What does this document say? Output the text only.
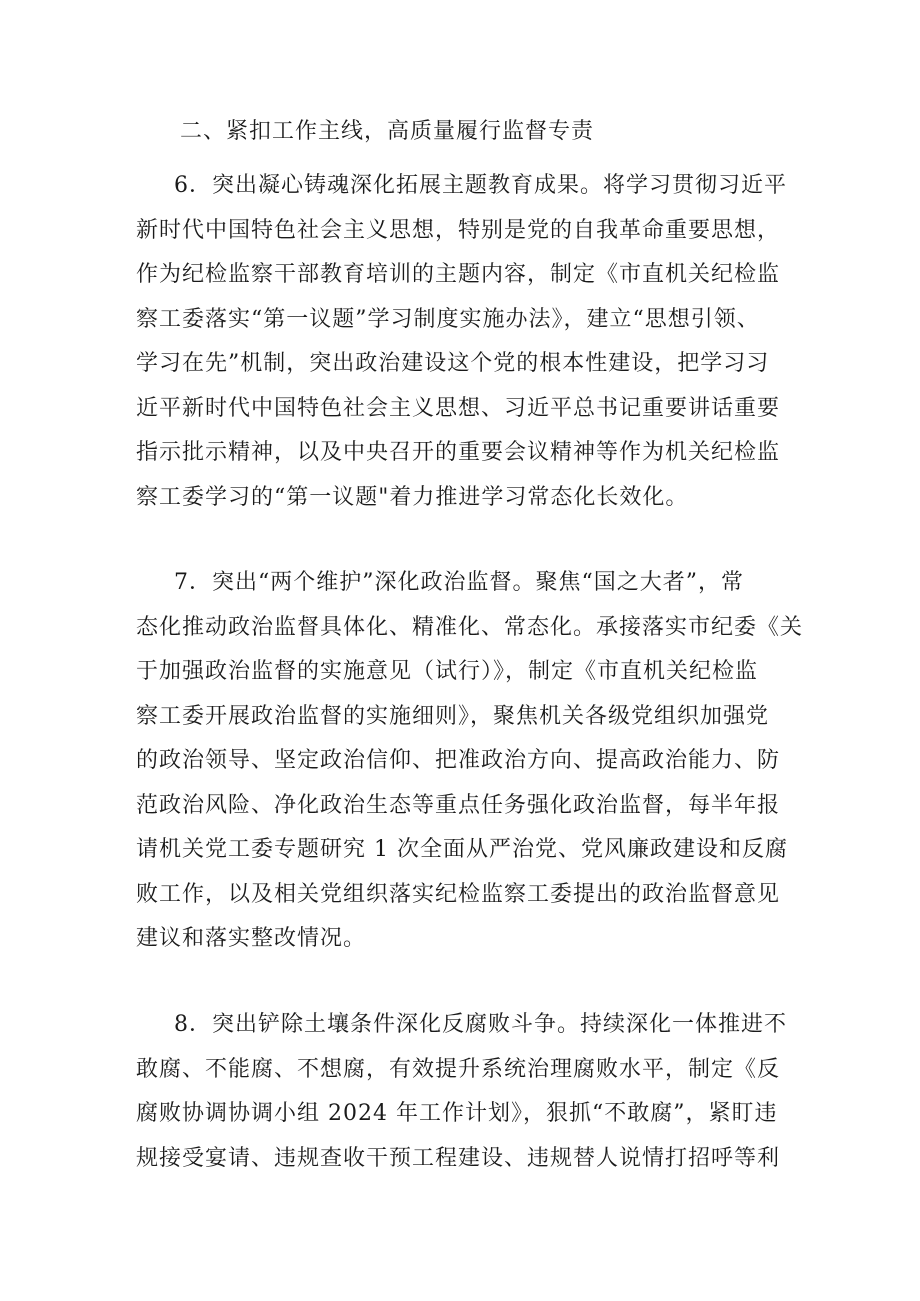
二、紧扣工作主线，高质量履行监督专责
6．突出凝心铸魂深化拓展主题教育成果。将学习贯彻习近平
新时代中国特色社会主义思想，特别是党的自我革命重要思想，
作为纪检监察干部教育培训的主题内容，制定《市直机关纪检监
察工委落实“第一议题”学习制度实施办法》，建立“思想引领、
学习在先”机制，突出政治建设这个党的根本性建设，把学习习
近平新时代中国特色社会主义思想、习近平总书记重要讲话重要
指示批示精神，以及中央召开的重要会议精神等作为机关纪检监
察工委学习的“第一议题"着力推进学习常态化长效化。
7．突出“两个维护”深化政治监督。聚焦“国之大者”，常
态化推动政治监督具体化、精准化、常态化。承接落实市纪委《关
于加强政治监督的实施意见（试行）》，制定《市直机关纪检监
察工委开展政治监督的实施细则》，聚焦机关各级党组织加强党
的政治领导、坚定政治信仰、把准政治方向、提高政治能力、防
范政治风险、净化政治生态等重点任务强化政治监督，每半年报
请机关党工委专题研究 1 次全面从严治党、党风廉政建设和反腐
败工作，以及相关党组织落实纪检监察工委提出的政治监督意见
建议和落实整改情况。
8．突出铲除土壤条件深化反腐败斗争。持续深化一体推进不
敢腐、不能腐、不想腐，有效提升系统治理腐败水平，制定《反
腐败协调协调小组 2024 年工作计划》，狠抓“不敢腐”，紧盯违
规接受宴请、违规查收干预工程建设、违规替人说情打招呼等利
